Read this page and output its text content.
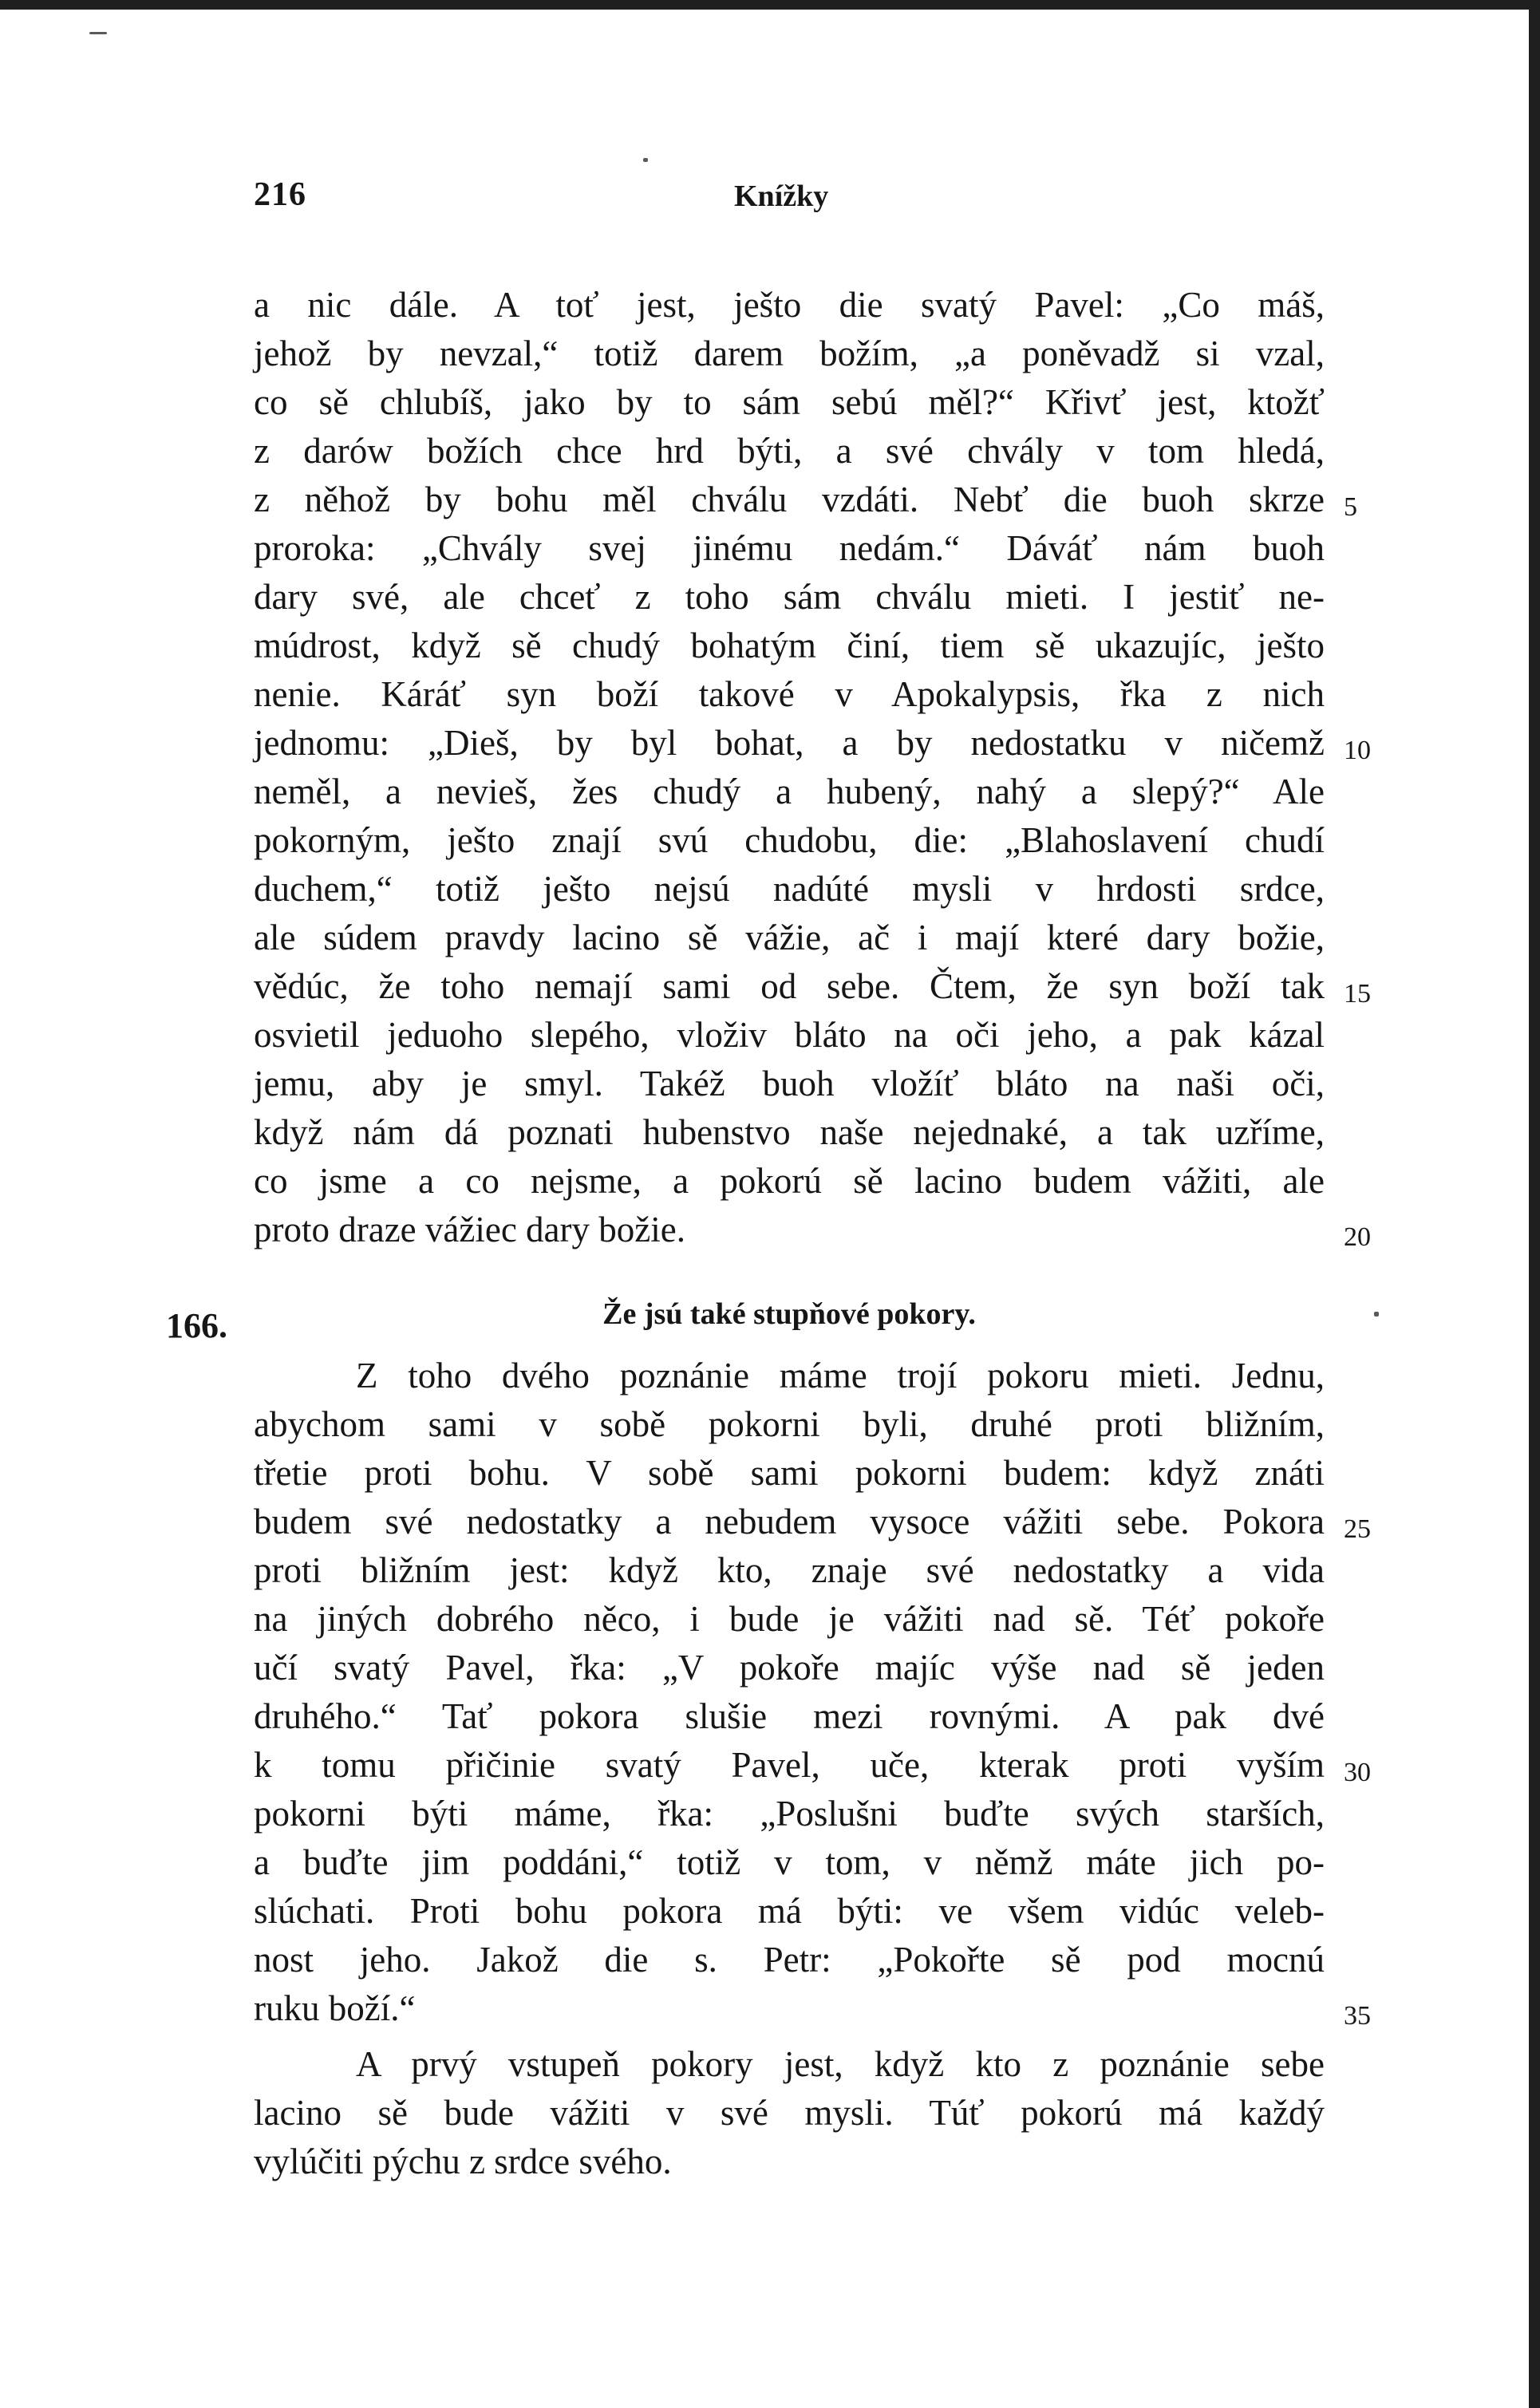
216	Knížky
a nic dále. A toť jest, ješto die svatý Pavel: „Co máš,
jehož by nevzal,“ totiž darem božím, „a poněvadž si vzal,
co sě chlubíš, jako by to sám sebú měl?“ Křivť jest, ktožť
z darów božích chce hrd býti, a své chvály v tom hledá,
z něhož by bohu měl chválu vzdáti. Nebť die buoh skrze
proroka: „Chvály svej jinému nedám.“ Dáváť nám buoh
dary své, ale chceť z toho sám chválu mieti. I jestiť ne-
múdrost, když sě chudý bohatým činí, tiem sě ukazujíc, ješto
nenie. Káráť syn boží takové v Apokalypsis, řka z nich
jednomu: „Dieš, by byl bohat, a by nedostatku v ničemž
neměl, a nevieš, žes chudý a hubený, nahý a slepý?“ Ale
pokorným, ješto znají svú chudobu, die: „Blahoslavení chudí
duchem,“ totiž ješto nejsú nadúté mysli v hrdosti srdce,
ale súdem pravdy lacino sě vážie, ač i mají které dary božie,
vědúc, že toho nemají sami od sebe. Čtem, že syn boží tak
osvietil jeduoho slepého, vloživ bláto na oči jeho, a pak kázal
jemu, aby je smyl. Takéž buoh vložíť bláto na naši oči,
když nám dá poznati hubenstvo naše nejednaké, a tak uzříme,
co jsme a co nejsme, a pokorú sě lacino budem vážiti, ale
proto draze vážiec dary božie.
166.	Že jsú také stupňové pokory.
Z toho dvého poznánie máme trojí pokoru mieti. Jednu,
abychom sami v sobě pokorni byli, druhé proti bližním,
třetie proti bohu. V sobě sami pokorni budem: když znáti
budem své nedostatky a nebudem vysoce vážiti sebe. Pokora
proti bližním jest: když kto, znaje své nedostatky a vida
na jiných dobrého něco, i bude je vážiti nad sě. Téť pokoře
učí svatý Pavel, řka: „V pokoře majíc výše nad sě jeden
druhého.“ Tať pokora slušie mezi rovnými. A pak dvé
k tomu přičinie svatý Pavel, uče, kterak proti vyším
pokorni býti máme, řka: „Poslušni buďte svých starších,
a buďte jim poddáni,“ totiž v tom, v němž máte jich po-
slúchati. Proti bohu pokora má býti: ve všem vidúc veleb-
nost jeho. Jakož die s. Petr: „Pokořte sě pod mocnú
ruku boží.“
A prvý vstupeň pokory jest, když kto z poznánie sebe
lacino sě bude vážiti v své mysli. Túť pokorú má každý
vylúčiti pýchu z srdce svého.
5
10
15
20
25
30
35
